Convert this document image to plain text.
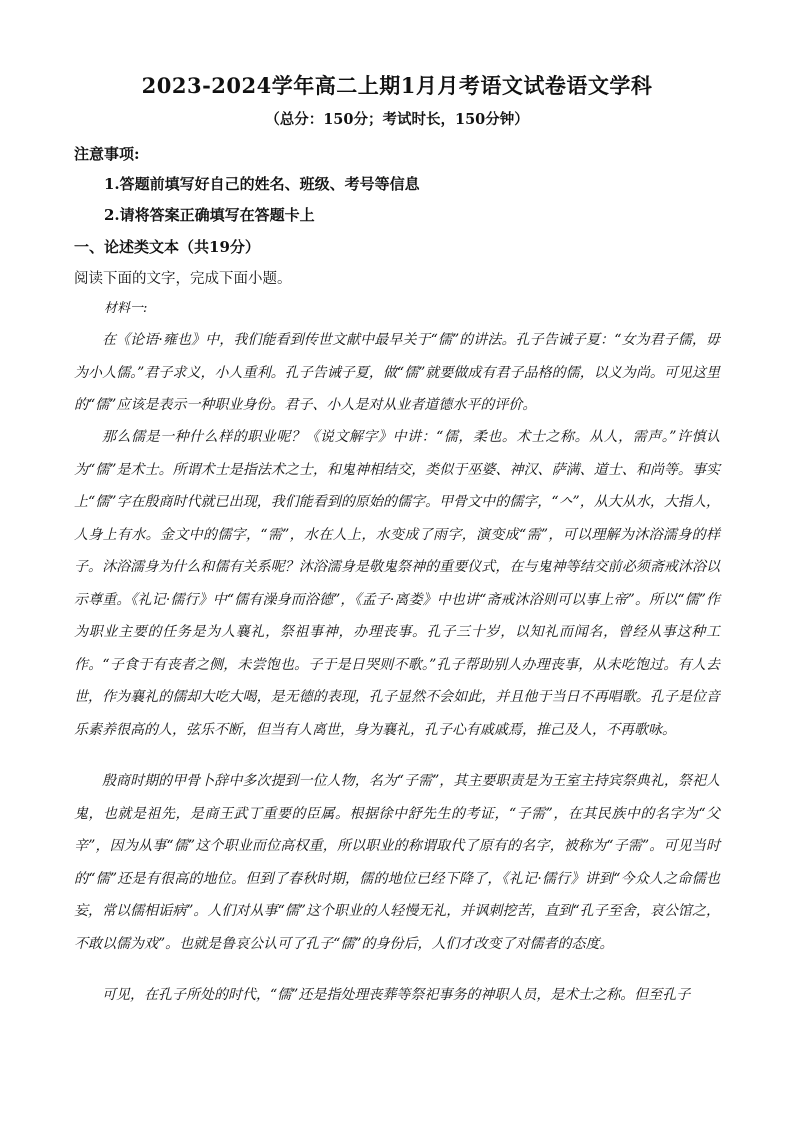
2023-2024学年高二上期1月月考语文试卷语文学科
（总分：150分；考试时长，150分钟）
注意事项:
1.答题前填写好自己的姓名、班级、考号等信息
2.请将答案正确填写在答题卡上
一、论述类文本（共19分）
阅读下面的文字，完成下面小题。
材料一:
在《论语·雍也》中，我们能看到传世文献中最早关于“儒”的讲法。孔子告诫子夏：“女为君子儒，毋为小人儒。”君子求义，小人重利。孔子告诫子夏，做“儒”就要做成有君子品格的儒，以义为尚。可见这里的“儒”应该是表示一种职业身份。君子、小人是对从业者道德水平的评价。
那么儒是一种什么样的职业呢？《说文解字》中讲：“儒，柔也。术士之称。从人，需声。”许慎认为“儒”是术士。所谓术士是指法术之士，和鬼神相结交，类似于巫婆、神汉、萨满、道士、和尚等。事实上“儒”字在殷商时代就已出现，我们能看到的原始的儒字。甲骨文中的儒字，“𠆢”，从大从水，大指人，人身上有水。金文中的儒字，“需”，水在人上，水变成了雨字，演变成“需”，可以理解为沐浴濡身的样子。沐浴濡身为什么和儒有关系呢？沐浴濡身是敬鬼祭神的重要仪式，在与鬼神等结交前必须斋戒沐浴以示尊重。《礼记·儒行》中“儒有澡身而浴德”，《孟子·离娄》中也讲“斋戒沐浴则可以事上帝”。所以“儒”作为职业主要的任务是为人襄礼，祭祖事神，办理丧事。孔子三十岁，以知礼而闻名，曾经从事这种工作。“子食于有丧者之侧，未尝饱也。子于是日哭则不歌。”孔子帮助别人办理丧事，从未吃饱过。有人去世，作为襄礼的儒却大吃大喝，是无德的表现，孔子显然不会如此，并且他于当日不再唱歌。孔子是位音乐素养很高的人，弦乐不断，但当有人离世，身为襄礼，孔子心有戚戚焉，推己及人，不再歌咏。
殷商时期的甲骨卜辞中多次提到一位人物，名为“子需”，其主要职责是为王室主持宾祭典礼，祭祀人鬼，也就是祖先，是商王武丁重要的臣属。根据徐中舒先生的考证，“子需”，在其民族中的名字为“父辛”，因为从事“儒”这个职业而位高权重，所以职业的称谓取代了原有的名字，被称为“子需”。可见当时的“儒”还是有很高的地位。但到了春秋时期，儒的地位已经下降了，《礼记·儒行》讲到“今众人之命儒也妄，常以儒相诟病”。人们对从事“儒”这个职业的人轻慢无礼，并讽刺挖苦，直到“孔子至舍，哀公馆之，不敢以儒为戏”。也就是鲁哀公认可了孔子“儒”的身份后，人们才改变了对儒者的态度。
可见，在孔子所处的时代，“儒”还是指处理丧葬等祭祀事务的神职人员，是术士之称。但至孔子
